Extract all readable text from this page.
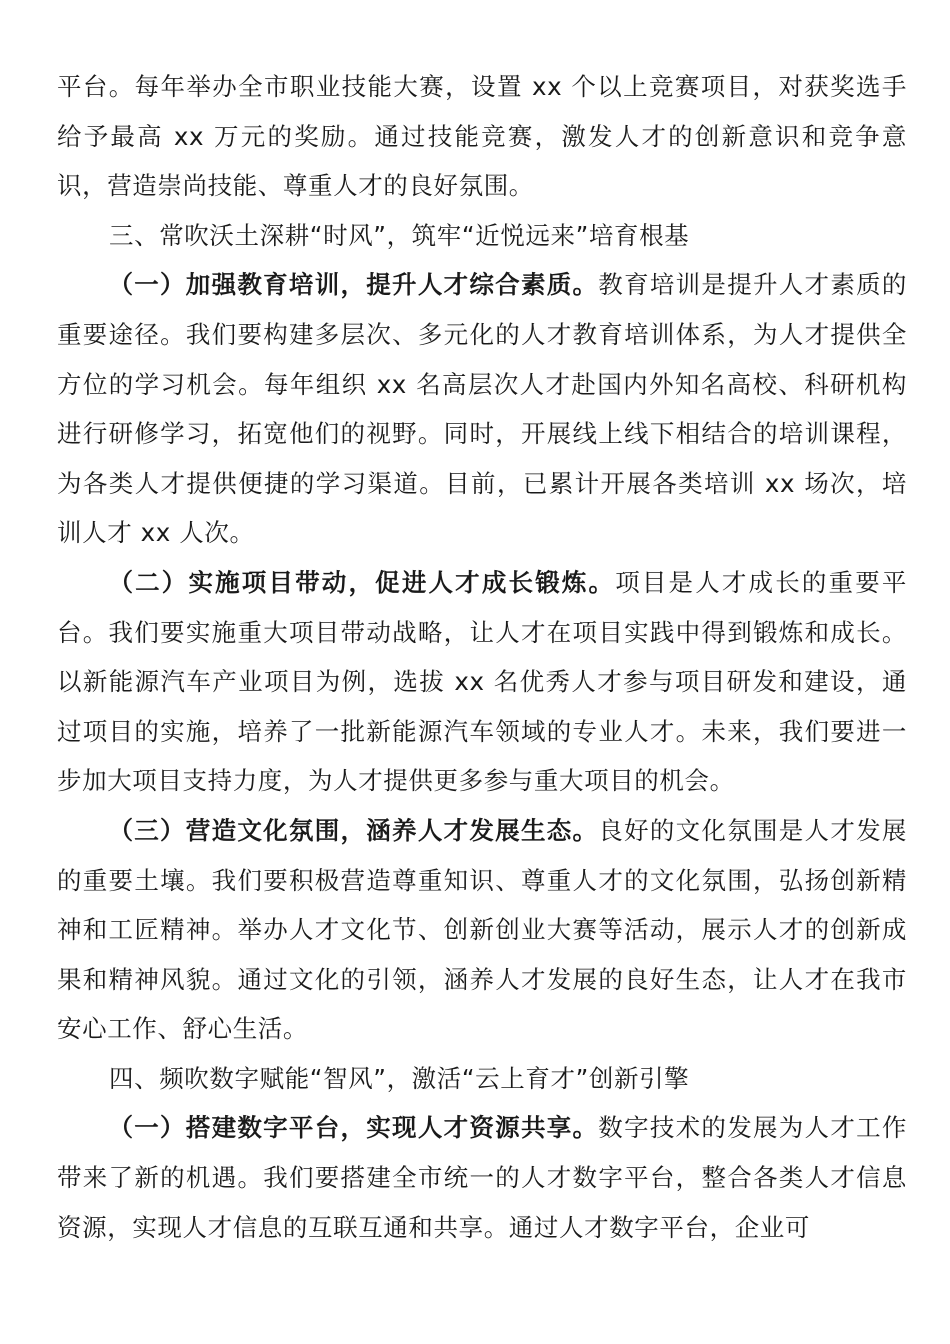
平台。每年举办全市职业技能大赛，设置 xx 个以上竞赛项目，对获奖选手给予最高 xx 万元的奖励。通过技能竞赛，激发人才的创新意识和竞争意识，营造崇尚技能、尊重人才的良好氛围。

三、常吹沃土深耕“时风”，筑牢“近悦远来”培育根基

（一）加强教育培训，提升人才综合素质。教育培训是提升人才素质的重要途径。我们要构建多层次、多元化的人才教育培训体系，为人才提供全方位的学习机会。每年组织 xx 名高层次人才赴国内外知名高校、科研机构进行研修学习，拓宽他们的视野。同时，开展线上线下相结合的培训课程，为各类人才提供便捷的学习渠道。目前，已累计开展各类培训 xx 场次，培训人才 xx 人次。

（二）实施项目带动，促进人才成长锻炼。项目是人才成长的重要平台。我们要实施重大项目带动战略，让人才在项目实践中得到锻炼和成长。以新能源汽车产业项目为例，选拔 xx 名优秀人才参与项目研发和建设，通过项目的实施，培养了一批新能源汽车领域的专业人才。未来，我们要进一步加大项目支持力度，为人才提供更多参与重大项目的机会。

（三）营造文化氛围，涵养人才发展生态。良好的文化氛围是人才发展的重要土壤。我们要积极营造尊重知识、尊重人才的文化氛围，弘扬创新精神和工匠精神。举办人才文化节、创新创业大赛等活动，展示人才的创新成果和精神风貌。通过文化的引领，涵养人才发展的良好生态，让人才在我市安心工作、舒心生活。

四、频吹数字赋能“智风”，激活“云上育才”创新引擎

（一）搭建数字平台，实现人才资源共享。数字技术的发展为人才工作带来了新的机遇。我们要搭建全市统一的人才数字平台，整合各类人才信息资源，实现人才信息的互联互通和共享。通过人才数字平台，企业可
